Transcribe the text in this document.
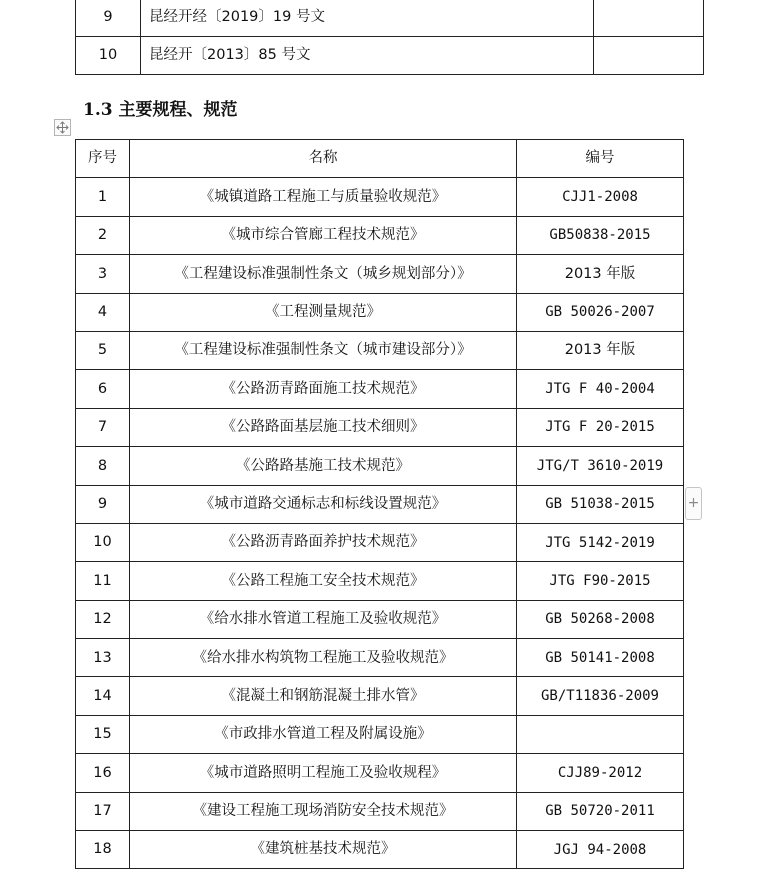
9	昆经开经〔2019〕19 号文	
10	昆经开〔2013〕85 号文	
1.3 主要规程、规范
序号	名称	编号
1	《城镇道路工程施工与质量验收规范》	CJJ1-2008
2	《城市综合管廊工程技术规范》	GB50838-2015
3	《工程建设标准强制性条文（城乡规划部分）》	2013 年版
4	《工程测量规范》	GB 50026-2007
5	《工程建设标准强制性条文（城市建设部分）》	2013 年版
6	《公路沥青路面施工技术规范》	JTG F 40-2004
7	《公路路面基层施工技术细则》	JTG F 20-2015
8	《公路路基施工技术规范》	JTG/T 3610-2019
9	《城市道路交通标志和标线设置规范》	GB 51038-2015
10	《公路沥青路面养护技术规范》	JTG 5142-2019
11	《公路工程施工安全技术规范》	JTG F90-2015
12	《给水排水管道工程施工及验收规范》	GB 50268-2008
13	《给水排水构筑物工程施工及验收规范》	GB 50141-2008
14	《混凝土和钢筋混凝土排水管》	GB/T11836-2009
15	《市政排水管道工程及附属设施》	
16	《城市道路照明工程施工及验收规程》	CJJ89-2012
17	《建设工程施工现场消防安全技术规范》	GB 50720-2011
18	《建筑桩基技术规范》	JGJ 94-2008
+
